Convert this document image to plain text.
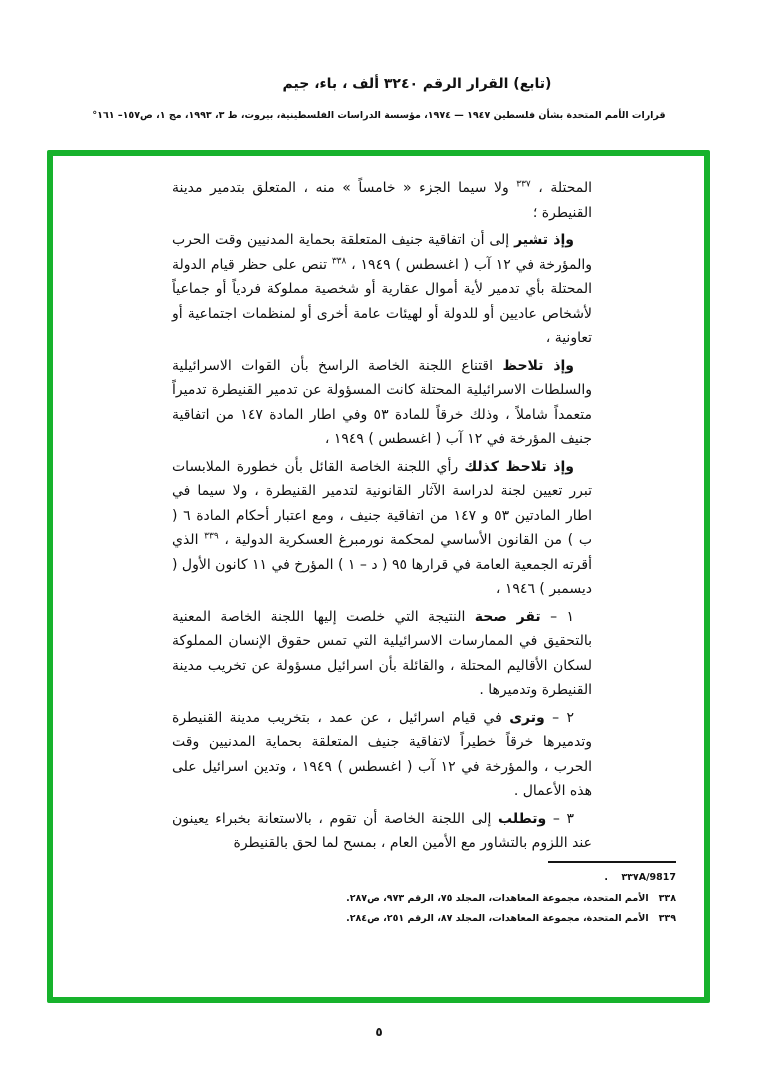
(تابع) القرار الرقم ٣٢٤٠ ألف ، باء، جيم
قرارات الأمم المتحدة بشأن فلسطين ١٩٤٧ — ١٩٧٤، مؤسسة الدراسات الفلسطينية، بيروت، ط ٣، ١٩٩٣، مج ١، ص١٥٧– ١٦١°

المحتلة ، $^{٣٣٧}$ ولا سيما الجزء « خامساً » منه ، المتعلق بتدمير مدينة القنيطرة ؛

وإذ تشير إلى أن اتفاقية جنيف المتعلقة بحماية المدنيين وقت الحرب والمؤرخة في ١٢ آب ( اغسطس ) ١٩٤٩ ، $^{٣٣٨}$ تنص على حظر قيام الدولة المحتلة بأي تدمير لأية أموال عقارية أو شخصية مملوكة فردياً أو جماعياً لأشخاص عاديين أو للدولة أو لهيئات عامة أخرى أو لمنظمات اجتماعية أو تعاونية ،

وإذ تلاحظ اقتناع اللجنة الخاصة الراسخ بأن القوات الاسرائيلية والسلطات الاسرائيلية المحتلة كانت المسؤولة عن تدمير القنيطرة تدميراً متعمداً شاملاً ، وذلك خرقاً للمادة ٥٣ وفي اطار المادة ١٤٧ من اتفاقية جنيف المؤرخة في ١٢ آب ( اغسطس ) ١٩٤٩ ،

وإذ تلاحظ كذلك رأي اللجنة الخاصة القائل بأن خطورة الملابسات تبرر تعيين لجنة لدراسة الآثار القانونية لتدمير القنيطرة ، ولا سيما في اطار المادتين ٥٣ و ١٤٧ من اتفاقية جنيف ، ومع اعتبار أحكام المادة ٦ ( ب ) من القانون الأساسي لمحكمة نورمبرغ العسكرية الدولية ، $^{٣٣٩}$ الذي أقرته الجمعية العامة في قرارها ٩٥ ( د – ١ ) المؤرخ في ١١ كانون الأول ( ديسمبر ) ١٩٤٦ ،

١ – تقر صحة النتيجة التي خلصت إليها اللجنة الخاصة المعنية بالتحقيق في الممارسات الاسرائيلية التي تمس حقوق الإنسان المملوكة لسكان الأقاليم المحتلة ، والقائلة بأن اسرائيل مسؤولة عن تخريب مدينة القنيطرة وتدميرها .

٢ – وترى في قيام اسرائيل ، عن عمد ، بتخريب مدينة القنيطرة وتدميرها خرقاً خطيراً لاتفاقية جنيف المتعلقة بحماية المدنيين وقت الحرب ، والمؤرخة في ١٢ آب ( اغسطس ) ١٩٤٩ ، وتدين اسرائيل على هذه الأعمال .

٣ – وتطلب إلى اللجنة الخاصة أن تقوم ، بالاستعانة بخبراء يعينون عند اللزوم بالتشاور مع الأمين العام ، بمسح لما لحق بالقنيطرة

٣٣٧A/9817 .
٣٣٨الأمم المتحدة، مجموعة المعاهدات، المجلد ٧٥، الرقم ٩٧٣، ص٢٨٧.
٣٣٩الأمم المتحدة، مجموعة المعاهدات، المجلد ٨٧، الرقم ٢٥١، ص٢٨٤.
٥
